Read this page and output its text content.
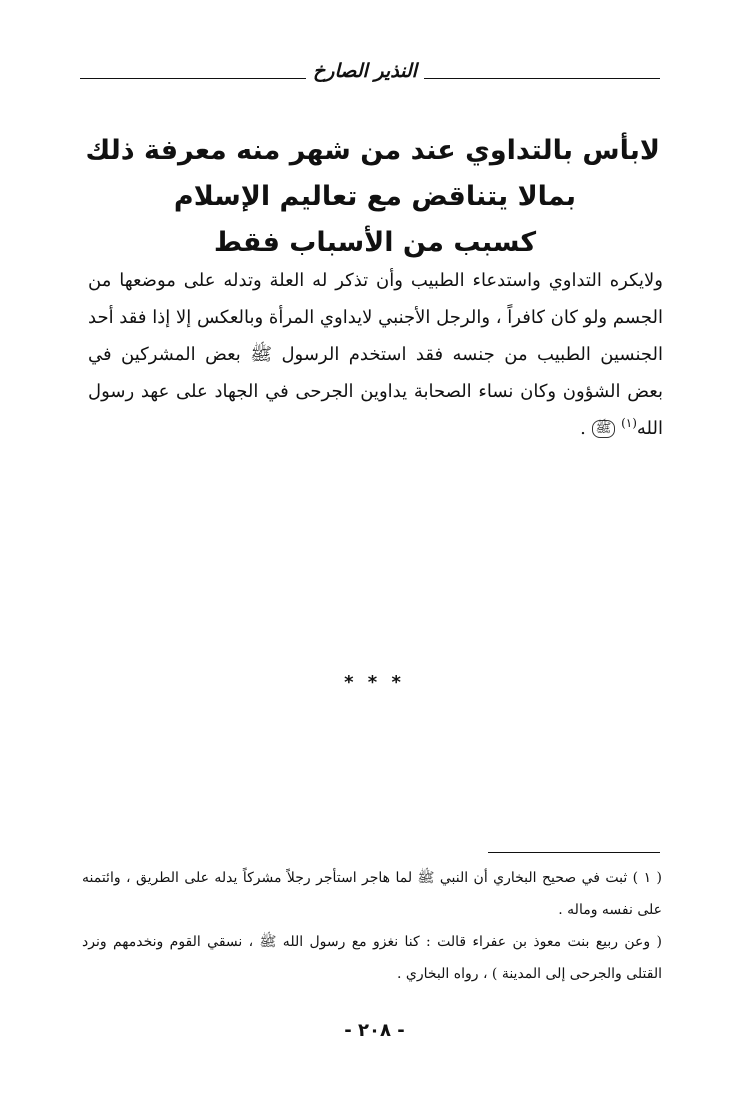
النذير الصارخ
لابأس بالتداوي عند من شهر منه معرفة ذلك
بمالا يتناقض مع تعاليم الإسلام
كسبب من الأسباب فقط
ولايكره التداوي واستدعاء الطبيب وأن تذكر له العلة وتدله على موضعها من الجسم ولو كان كافراً ، والرجل الأجنبي لايداوي المرأة وبالعكس إلا إذا فقد أحد الجنسين الطبيب من جنسه فقد استخدم الرسول ﷺ بعض المشركين في بعض الشؤون وكان نساء الصحابة يداوين الجرحى في الجهاد على عهد رسول الله$^{(١)}$ ﷺ .
* * *

( ١ ) ثبت في صحيح البخاري أن النبي ﷺ لما هاجر استأجر رجلاً مشركاً يدله على الطريق ، وائتمنه على نفسه وماله .

( وعن ربيع بنت معوذ بن عفراء قالت : كنا نغزو مع رسول الله ﷺ ، نسقي القوم ونخدمهم ونرد القتلى والجرحى إلى المدينة ) ، رواه البخاري .

- ٢٠٨ -
